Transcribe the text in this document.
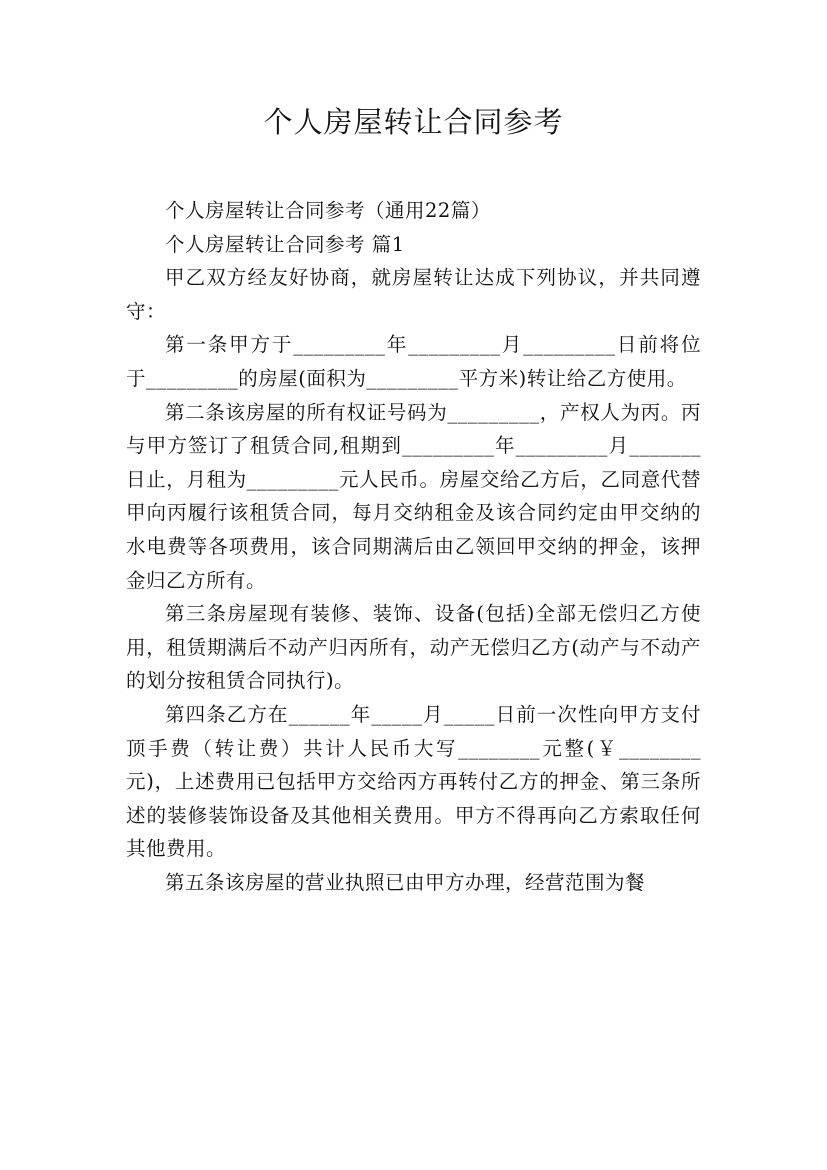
个人房屋转让合同参考

个人房屋转让合同参考（通用22篇）

个人房屋转让合同参考 篇1

甲乙双方经友好协商，就房屋转让达成下列协议，并共同遵守：

第一条甲方于_________年_________月_________日前将位于_________的房屋(面积为_________平方米)转让给乙方使用。

第二条该房屋的所有权证号码为_________，产权人为丙。丙与甲方签订了租赁合同,租期到_________年_________月_______日止，月租为_________元人民币。房屋交给乙方后，乙同意代替甲向丙履行该租赁合同，每月交纳租金及该合同约定由甲交纳的水电费等各项费用，该合同期满后由乙领回甲交纳的押金，该押金归乙方所有。

第三条房屋现有装修、装饰、设备(包括)全部无偿归乙方使用，租赁期满后不动产归丙所有，动产无偿归乙方(动产与不动产的划分按租赁合同执行)。

第四条乙方在______年_____月_____日前一次性向甲方支付顶手费（转让费）共计人民币大写________元整(￥________元)，上述费用已包括甲方交给丙方再转付乙方的押金、第三条所述的装修装饰设备及其他相关费用。甲方不得再向乙方索取任何其他费用。

第五条该房屋的营业执照已由甲方办理，经营范围为餐
